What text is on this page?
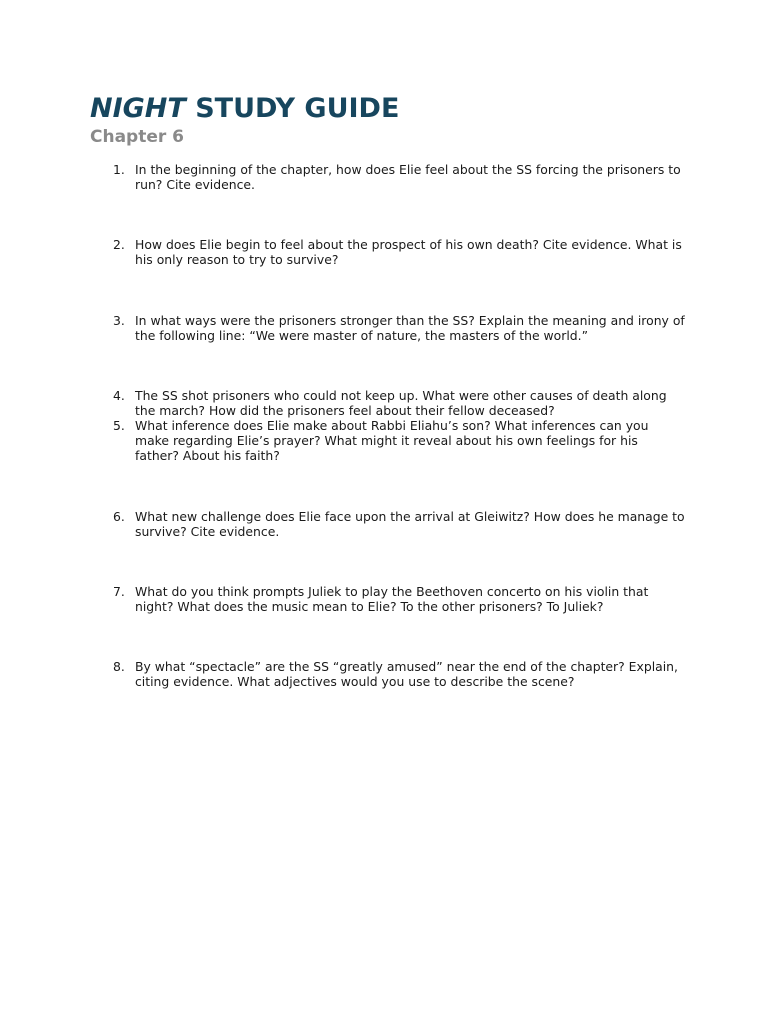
NIGHT STUDY GUIDE
Chapter 6
1. In the beginning of the chapter, how does Elie feel about the SS forcing the prisoners to run? Cite evidence.
2. How does Elie begin to feel about the prospect of his own death? Cite evidence. What is his only reason to try to survive?
3. In what ways were the prisoners stronger than the SS? Explain the meaning and irony of the following line: “We were master of nature, the masters of the world.”
4. The SS shot prisoners who could not keep up. What were other causes of death along the march? How did the prisoners feel about their fellow deceased?
5. What inference does Elie make about Rabbi Eliahu’s son? What inferences can you make regarding Elie’s prayer? What might it reveal about his own feelings for his father? About his faith?
6. What new challenge does Elie face upon the arrival at Gleiwitz? How does he manage to survive? Cite evidence.
7. What do you think prompts Juliek to play the Beethoven concerto on his violin that night? What does the music mean to Elie? To the other prisoners? To Juliek?
8. By what “spectacle” are the SS “greatly amused” near the end of the chapter? Explain, citing evidence. What adjectives would you use to describe the scene?
